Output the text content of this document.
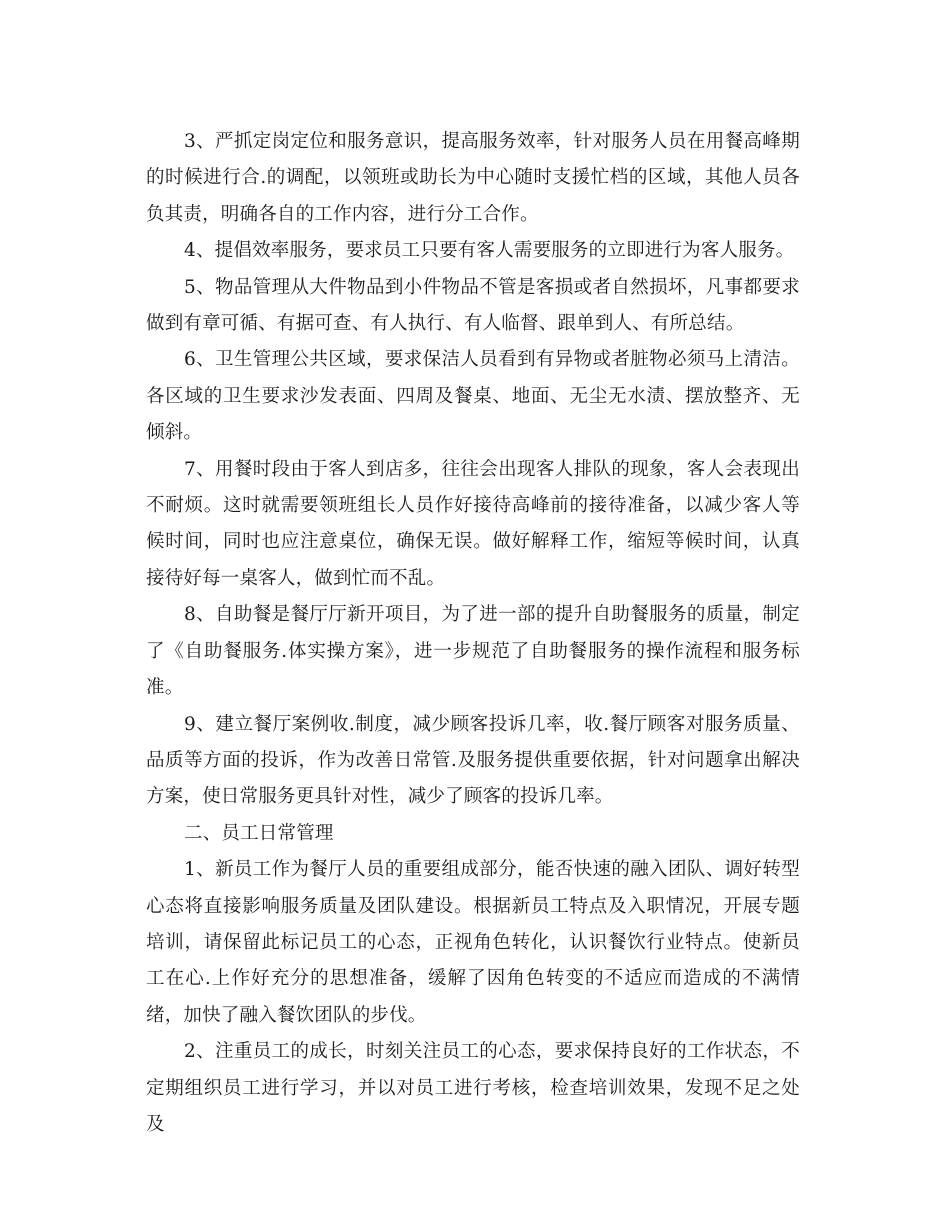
3、严抓定岗定位和服务意识，提高服务效率，针对服务人员在用餐高峰期的时候进行合.的调配，以领班或助长为中心随时支援忙档的区域，其他人员各负其责，明确各自的工作内容，进行分工合作。

4、提倡效率服务，要求员工只要有客人需要服务的立即进行为客人服务。

5、物品管理从大件物品到小件物品不管是客损或者自然损坏，凡事都要求做到有章可循、有据可查、有人执行、有人临督、跟单到人、有所总结。

6、卫生管理公共区域，要求保洁人员看到有异物或者脏物必须马上清洁。各区域的卫生要求沙发表面、四周及餐桌、地面、无尘无水渍、摆放整齐、无倾斜。

7、用餐时段由于客人到店多，往往会出现客人排队的现象，客人会表现出不耐烦。这时就需要领班组长人员作好接待高峰前的接待准备，以减少客人等候时间，同时也应注意桌位，确保无误。做好解释工作，缩短等候时间，认真接待好每一桌客人，做到忙而不乱。

8、自助餐是餐厅厅新开项目，为了进一部的提升自助餐服务的质量，制定了《自助餐服务.体实操方案》，进一步规范了自助餐服务的操作流程和服务标准。

9、建立餐厅案例收.制度，减少顾客投诉几率，收.餐厅顾客对服务质量、品质等方面的投诉，作为改善日常管.及服务提供重要依据，针对问题拿出解决方案，使日常服务更具针对性，减少了顾客的投诉几率。

二、员工日常管理

1、新员工作为餐厅人员的重要组成部分，能否快速的融入团队、调好转型心态将直接影响服务质量及团队建设。根据新员工特点及入职情况，开展专题培训，请保留此标记员工的心态，正视角色转化，认识餐饮行业特点。使新员工在心.上作好充分的思想准备，缓解了因角色转变的不适应而造成的不满情绪，加快了融入餐饮团队的步伐。

2、注重员工的成长，时刻关注员工的心态，要求保持良好的工作状态，不定期组织员工进行学习，并以对员工进行考核，检查培训效果，发现不足之处及
